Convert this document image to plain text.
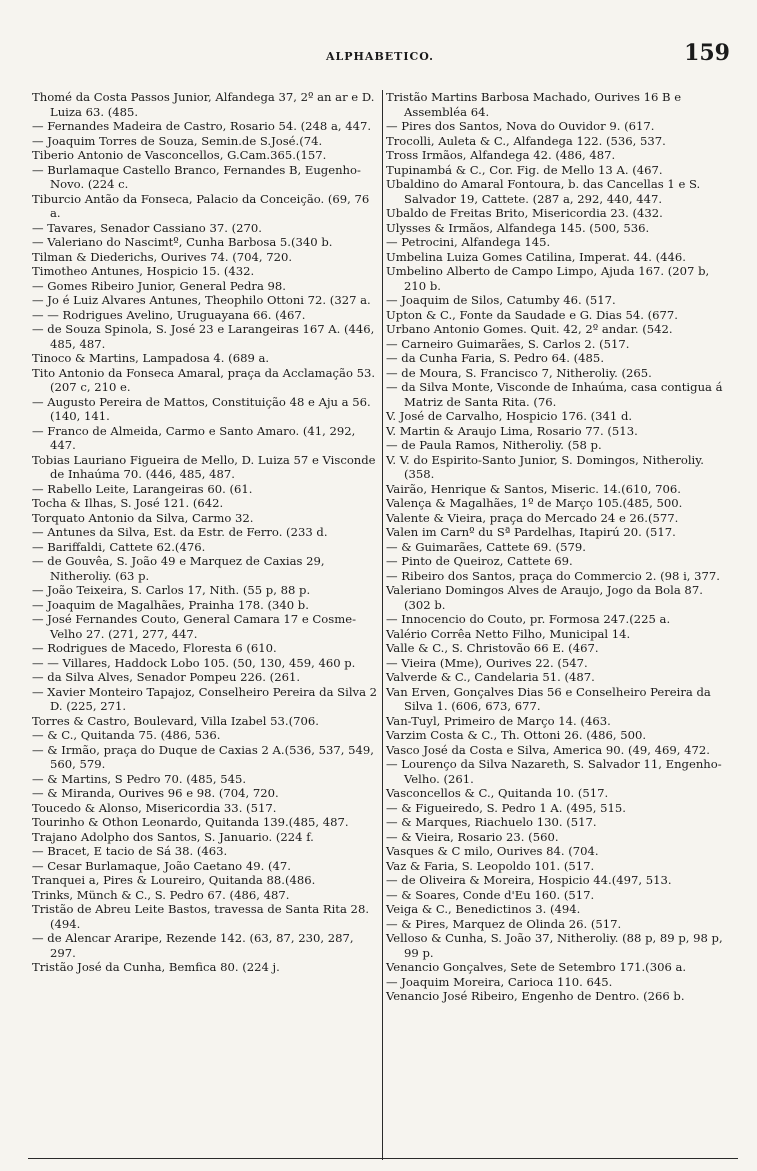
ALPHABETICO.	159
Thomé da Costa Passos Junior, Alfandega 37, 2º an ar e D. Luiza 63. (485.
— Fernandes Madeira de Castro, Rosario 54. (248 a, 447.
— Joaquim Torres de Souza, Semin.de S.José.(74.
Tiberio Antonio de Vasconcellos, G.Cam.365.(157.
— Burlamaque Castello Branco, Fernandes B, Eugenho-Novo. (224 c.
Tiburcio Antão da Fonseca, Palacio da Conceição. (69, 76 a.
— Tavares, Senador Cassiano 37. (270.
— Valeriano do Nascimtº, Cunha Barbosa 5.(340 b.
Tilman & Diederichs, Ourives 74. (704, 720.
Timotheo Antunes, Hospicio 15. (432.
— Gomes Ribeiro Junior, General Pedra 98.
— Jo é Luiz Alvares Antunes, Theophilo Ottoni 72. (327 a.
— — Rodrigues Avelino, Uruguayana 66. (467.
— de Souza Spinola, S. José 23 e Larangeiras 167 A. (446, 485, 487.
Tinoco & Martins, Lampadosa 4. (689 a.
Tito Antonio da Fonseca Amaral, praça da Acclamação 53. (207 c, 210 e.
— Augusto Pereira de Mattos, Constituição 48 e Aju a 56. (140, 141.
— Franco de Almeida, Carmo e Santo Amaro. (41, 292, 447.
Tobias Lauriano Figueira de Mello, D. Luiza 57 e Visconde de Inhaúma 70. (446, 485, 487.
— Rabello Leite, Larangeiras 60. (61.
Tocha & Ilhas, S. José 121. (642.
Torquato Antonio da Silva, Carmo 32.
— Antunes da Silva, Est. da Estr. de Ferro. (233 d.
— Bariffaldi, Cattete 62.(476.
— de Gouvêa, S. João 49 e Marquez de Caxias 29, Nitheroliy. (63 p.
— João Teixeira, S. Carlos 17, Nith. (55 p, 88 p.
— Joaquim de Magalhães, Prainha 178. (340 b.
— José Fernandes Couto, General Camara 17 e Cosme-Velho 27. (271, 277, 447.
— Rodrigues de Macedo, Floresta 6 (610.
— — Villares, Haddock Lobo 105. (50, 130, 459, 460 p.
— da Silva Alves, Senador Pompeu 226. (261.
— Xavier Monteiro Tapajoz, Conselheiro Pereira da Silva 2 D. (225, 271.
Torres & Castro, Boulevard, Villa Izabel 53.(706.
— & C., Quitanda 75. (486, 536.
— & Irmão, praça do Duque de Caxias 2 A.(536, 537, 549, 560, 579.
— & Martins, S Pedro 70. (485, 545.
— & Miranda, Ourives 96 e 98. (704, 720.
Toucedo & Alonso, Misericordia 33. (517.
Tourinho & Othon Leonardo, Quitanda 139.(485, 487.
Trajano Adolpho dos Santos, S. Januario. (224 f.
— Bracet, E tacio de Sá 38. (463.
— Cesar Burlamaque, João Caetano 49. (47.
Tranquei a, Pires & Loureiro, Quitanda 88.(486.
Trinks, Münch & C., S. Pedro 67. (486, 487.
Tristão de Abreu Leite Bastos, travessa de Santa Rita 28. (494.
— de Alencar Araripe, Rezende 142. (63, 87, 230, 287, 297.
Tristão José da Cunha, Bemfica 80. (224 j.
Tristão Martins Barbosa Machado, Ourives 16 B e Assembléa 64.
— Pires dos Santos, Nova do Ouvidor 9. (617.
Trocolli, Auleta & C., Alfandega 122. (536, 537.
Tross Irmãos, Alfandega 42. (486, 487.
Tupinambá & C., Cor. Fig. de Mello 13 A. (467.
Ubaldino do Amaral Fontoura, b. das Cancellas 1 e S. Salvador 19, Cattete. (287 a, 292, 440, 447.
Ubaldo de Freitas Brito, Misericordia 23. (432.
Ulysses & Irmãos, Alfandega 145. (500, 536.
— Petrocini, Alfandega 145.
Umbelina Luiza Gomes Catilina, Imperat. 44. (446.
Umbelino Alberto de Campo Limpo, Ajuda 167. (207 b, 210 b.
— Joaquim de Silos, Catumby 46. (517.
Upton & C., Fonte da Saudade e G. Dias 54. (677.
Urbano Antonio Gomes. Quit. 42, 2º andar. (542.
— Carneiro Guimarães, S. Carlos 2. (517.
— da Cunha Faria, S. Pedro 64. (485.
— de Moura, S. Francisco 7, Nitheroliy. (265.
— da Silva Monte, Visconde de Inhaúma, casa contigua á Matriz de Santa Rita. (76.
V. José de Carvalho, Hospicio 176. (341 d.
V. Martin & Araujo Lima, Rosario 77. (513.
— de Paula Ramos, Nitheroliy. (58 p.
V. V. do Espirito-Santo Junior, S. Domingos, Nitheroliy. (358.
Vairão, Henrique & Santos, Miseric. 14.(610, 706.
Valença & Magalhães, 1º de Março 105.(485, 500.
Valente & Vieira, praça do Mercado 24 e 26.(577.
Valen im Carnº du Sª Pardelhas, Itapirú 20. (517.
— & Guimarães, Cattete 69. (579.
— Pinto de Queiroz, Cattete 69.
— Ribeiro dos Santos, praça do Commercio 2. (98 i, 377.
Valeriano Domingos Alves de Araujo, Jogo da Bola 87. (302 b.
— Innocencio do Couto, pr. Formosa 247.(225 a.
Valério Corrêa Netto Filho, Municipal 14.
Valle & C., S. Christovão 66 E. (467.
— Vieira (Mme), Ourives 22. (547.
Valverde & C., Candelaria 51. (487.
Van Erven, Gonçalves Dias 56 e Conselheiro Pereira da Silva 1. (606, 673, 677.
Van-Tuyl, Primeiro de Março 14. (463.
Varzim Costa & C., Th. Ottoni 26. (486, 500.
Vasco José da Costa e Silva, America 90. (49, 469, 472.
— Lourenço da Silva Nazareth, S. Salvador 11, Engenho-Velho. (261.
Vasconcellos & C., Quitanda 10. (517.
— & Figueiredo, S. Pedro 1 A. (495, 515.
— & Marques, Riachuelo 130. (517.
— & Vieira, Rosario 23. (560.
Vasques & C milo, Ourives 84. (704.
Vaz & Faria, S. Leopoldo 101. (517.
— de Oliveira & Moreira, Hospicio 44.(497, 513.
— & Soares, Conde d'Eu 160. (517.
Veiga & C., Benedictinos 3. (494.
— & Pires, Marquez de Olinda 26. (517.
Velloso & Cunha, S. João 37, Nitheroliy. (88 p, 89 p, 98 p, 99 p.
Venancio Gonçalves, Sete de Setembro 171.(306 a.
— Joaquim Moreira, Carioca 110. 645.
Venancio José Ribeiro, Engenho de Dentro. (266 b.
